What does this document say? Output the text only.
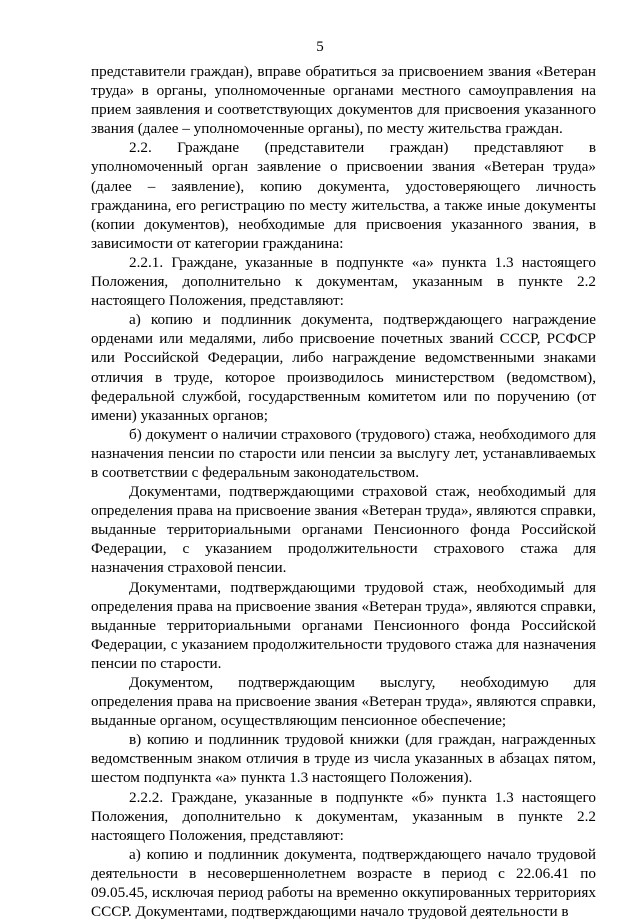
5

представители граждан), вправе обратиться за присвоением звания «Ветеран труда» в органы, уполномоченные органами местного самоуправления на прием заявления и соответствующих документов для присвоения указанного звания (далее – уполномоченные органы), по месту жительства граждан.

2.2. Граждане (представители граждан) представляют в уполномоченный орган заявление о присвоении звания «Ветеран труда» (далее – заявление), копию документа, удостоверяющего личность гражданина, его регистрацию по месту жительства, а также иные документы (копии документов), необходимые для присвоения указанного звания, в зависимости от категории гражданина:

2.2.1. Граждане, указанные в подпункте «а» пункта 1.3 настоящего Положения, дополнительно к документам, указанным в пункте 2.2 настоящего Положения, представляют:

а) копию и подлинник документа, подтверждающего награждение орденами или медалями, либо присвоение почетных званий СССР, РСФСР или Российской Федерации, либо награждение ведомственными знаками отличия в труде, которое производилось министерством (ведомством), федеральной службой, государственным комитетом или по поручению (от имени) указанных органов;

б) документ о наличии страхового (трудового) стажа, необходимого для назначения пенсии по старости или пенсии за выслугу лет, устанавливаемых в соответствии с федеральным законодательством.

Документами, подтверждающими страховой стаж, необходимый для определения права на присвоение звания «Ветеран труда», являются справки, выданные территориальными органами Пенсионного фонда Российской Федерации, с указанием продолжительности страхового стажа для назначения страховой пенсии.

Документами, подтверждающими трудовой стаж, необходимый для определения права на присвоение звания «Ветеран труда», являются справки, выданные территориальными органами Пенсионного фонда Российской Федерации, с указанием продолжительности трудового стажа для назначения пенсии по старости.

Документом, подтверждающим выслугу, необходимую для определения права на присвоение звания «Ветеран труда», являются справки, выданные органом, осуществляющим пенсионное обеспечение;

в) копию и подлинник трудовой книжки (для граждан, награжденных ведомственным знаком отличия в труде из числа указанных в абзацах пятом, шестом подпункта «а» пункта 1.3 настоящего Положения).

2.2.2. Граждане, указанные в подпункте «б» пункта 1.3 настоящего Положения, дополнительно к документам, указанным в пункте 2.2 настоящего Положения, представляют:

а) копию и подлинник документа, подтверждающего начало трудовой деятельности в несовершеннолетнем возрасте в период с 22.06.41 по 09.05.45, исключая период работы на временно оккупированных территориях СССР. Документами, подтверждающими начало трудовой деятельности в
